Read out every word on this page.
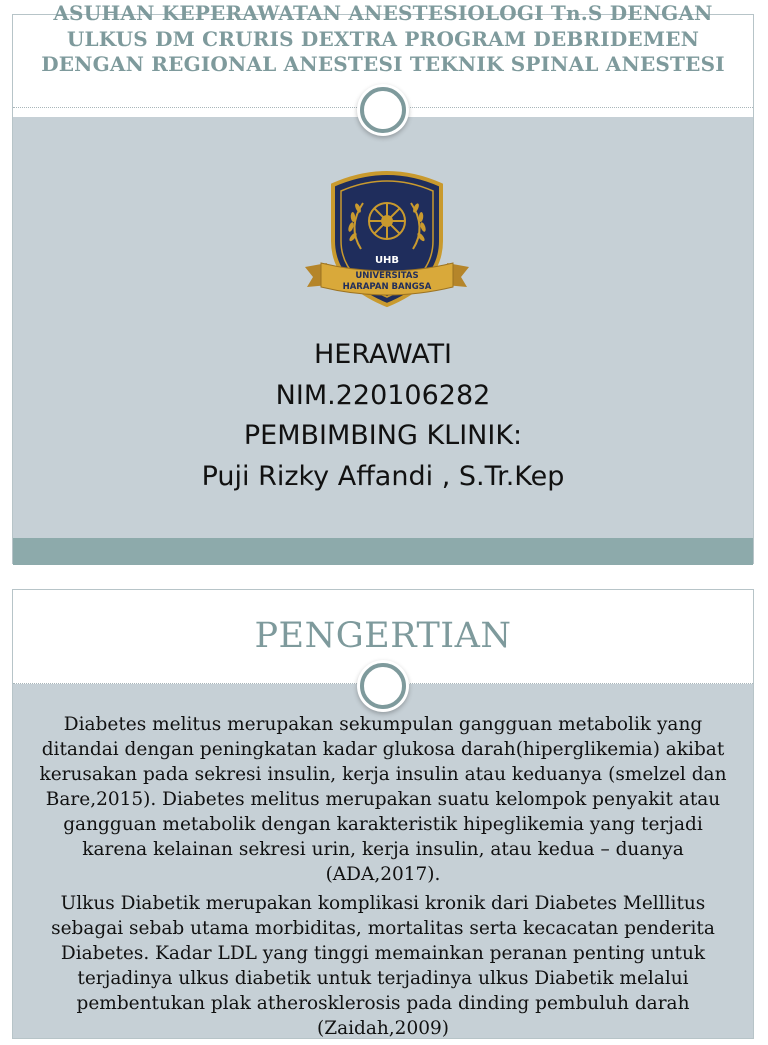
ASUHAN KEPERAWATAN ANESTESIOLOGI Tn.S DENGAN ULKUS DM CRURIS DEXTRA PROGRAM DEBRIDEMEN DENGAN REGIONAL ANESTESI TEKNIK SPINAL ANESTESI
UHB
UNIVERSITAS
HARAPAN BANGSA
HERAWATI
NIM.220106282
PEMBIMBING KLINIK:
Puji Rizky Affandi , S.Tr.Kep
PENGERTIAN

Diabetes melitus merupakan sekumpulan gangguan metabolik yang ditandai dengan peningkatan kadar glukosa darah(hiperglikemia) akibat kerusakan pada sekresi insulin, kerja insulin atau keduanya (smelzel dan Bare,2015). Diabetes melitus merupakan suatu kelompok penyakit atau gangguan metabolik dengan karakteristik hipeglikemia yang terjadi karena kelainan sekresi urin, kerja insulin, atau kedua – duanya (ADA,2017).

Ulkus Diabetik merupakan komplikasi kronik dari Diabetes Melllitus sebagai sebab utama morbiditas, mortalitas serta kecacatan penderita Diabetes. Kadar LDL yang tinggi memainkan peranan penting untuk terjadinya ulkus diabetik untuk terjadinya ulkus Diabetik melalui pembentukan plak atherosklerosis pada dinding pembuluh darah (Zaidah,2009)
